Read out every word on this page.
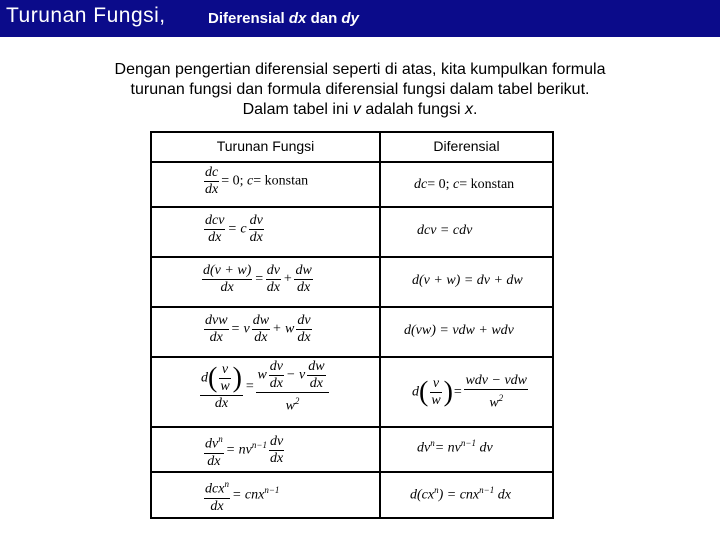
Turunan Fungsi,	Diferensial dx dan dy
Dengan pengertian diferensial seperti di atas, kita kumpulkan formula
turunan fungsi dan formula diferensial fungsi dalam tabel berikut.
Dalam tabel ini v adalah fungsi x.
Turunan Fungsi	Diferensial
$\frac{dc}{dx} = 0$; c= konstan	dc= 0; c= konstan
$\frac{\text{dcv}}{dx} = c \frac{dv}{dx}$	dcv = cdv
$\frac{d(v + w)}{dx} = \frac{dv}{dx} + \frac{dw}{dx}$	d(v + w) = dv + dw
$\frac{\text{dvw}}{dx} = v \frac{dw}{dx} + w \frac{dv}{dx}$	d(vw) = vdw + wdv
$\frac{d( \frac{v}{w} )}{dx} = \frac{w \frac{dv}{dx} - v \frac{dw}{dx}}{w^2}$	$d( \frac{v}{w}$ )= $\frac{\text{wdv − vdw}}{w^2}$
$\frac{dv^n}{dx} = nv^{n-1} \frac{dv}{dx}$	$dv^n= nv^{n-1}$ dv
$\frac{dcx^n}{dx} = cnx^{n-1}$	$d(cx^n) = cnx^{n-1}$ dx
